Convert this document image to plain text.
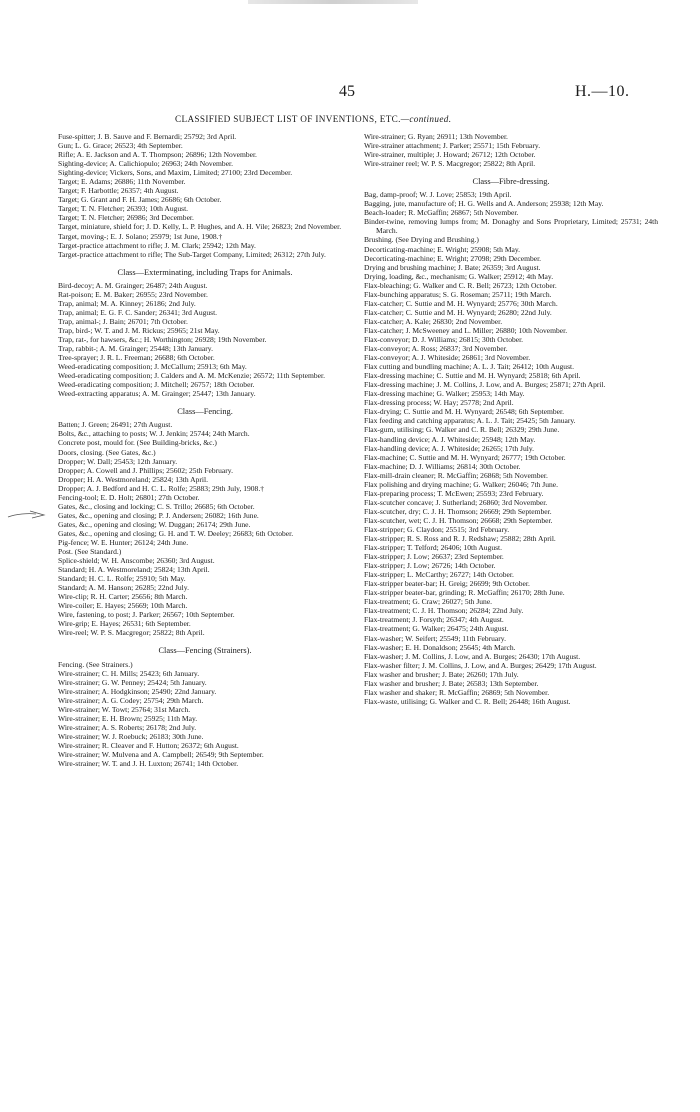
45	H.—10.
CLASSIFIED SUBJECT LIST OF INVENTIONS, ETC.—continued.

Fuse-spitter; J. B. Sauve and F. Bernardi; 25792; 3rd April.

Gun; L. G. Grace; 26523; 4th September.

Rifle; A. E. Jackson and A. T. Thompson; 26896; 12th November.

Sighting-device; A. Calichiopulo; 26963; 24th November.

Sighting-device; Vickers, Sons, and Maxim, Limited; 27100; 23rd December.

Target; E. Adams; 26886; 11th November.

Target; F. Harbottle; 26357; 4th August.

Target; G. Grant and F. H. James; 26686; 6th October.

Target; T. N. Fletcher; 26393; 10th August.

Target; T. N. Fletcher; 26986; 3rd December.

Target, miniature, shield for; J. D. Kelly, L. P. Hughes, and A. H. Vile; 26823; 2nd November.

Target, moving-; E. J. Solano; 25979; 1st June, 1908.†

Target-practice attachment to rifle; J. M. Clark; 25942; 12th May.

Target-practice attachment to rifle; The Sub-Target Company, Limited; 26312; 27th July.

Class—Exterminating, including Traps for Animals.

Bird-decoy; A. M. Grainger; 26487; 24th August.

Rat-poison; E. M. Baker; 26955; 23rd November.

Trap, animal; M. A. Kinney; 26186; 2nd July.

Trap, animal; E. G. F. C. Sander; 26341; 3rd August.

Trap, animal-; J. Bain; 26701; 7th October.

Trap, bird-; W. T. and J. M. Rickus; 25965; 21st May.

Trap, rat-, for hawsers, &c.; H. Worthington; 26928; 19th November.

Trap, rabbit-; A. M. Grainger; 25448; 13th January.

Tree-sprayer; J. R. L. Freeman; 26688; 6th October.

Weed-eradicating composition; J. McCallum; 25913; 6th May.

Weed-eradicating composition; J. Calders and A. M. McKenzie; 26572; 11th September.

Weed-eradicating composition; J. Mitchell; 26757; 18th October.

Weed-extracting apparatus; A. M. Grainger; 25447; 13th January.

Class—Fencing.

Batten; J. Green; 26491; 27th August.

Bolts, &c., attaching to posts; W. J. Jenkin; 25744; 24th March.

Concrete post, mould for. (See Building-bricks, &c.)

Doors, closing. (See Gates, &c.)

Dropper; W. Dall; 25453; 12th January.

Dropper; A. Cowell and J. Phillips; 25602; 25th February.

Dropper; H. A. Westmoreland; 25824; 13th April.

Dropper; A. J. Bedford and H. C. L. Rolfe; 25883; 29th July, 1908.†

Fencing-tool; E. D. Holt; 26801; 27th October.

Gates, &c., closing and locking; C. S. Trillo; 26685; 6th October.

Gates, &c., opening and closing; P. J. Andersen; 26082; 16th June.

Gates, &c., opening and closing; W. Duggan; 26174; 29th June.

Gates, &c., opening and closing; G. H. and T. W. Deeley; 26683; 6th October.

Pig-fence; W. E. Hunter; 26124; 24th June.

Post. (See Standard.)

Splice-shield; W. H. Anscombe; 26360; 3rd August.

Standard; H. A. Westmoreland; 25824; 13th April.

Standard; H. C. L. Rolfe; 25910; 5th May.

Standard; A. M. Hanson; 26285; 22nd July.

Wire-clip; R. H. Carter; 25656; 8th March.

Wire-coiler; E. Hayes; 25669; 10th March.

Wire, fastening, to post; J. Parker; 26567; 10th September.

Wire-grip; E. Hayes; 26531; 6th September.

Wire-reel; W. P. S. Macgregor; 25822; 8th April.

Class—Fencing (Strainers).

Fencing. (See Strainers.)

Wire-strainer; C. H. Mills; 25423; 6th January.

Wire-strainer; G. W. Penney; 25424; 5th January.

Wire-strainer; A. Hodgkinson; 25490; 22nd January.

Wire-strainer; A. G. Codey; 25754; 29th March.

Wire-strainer; W. Towt; 25764; 31st March.

Wire-strainer; E. H. Brown; 25925; 11th May.

Wire-strainer; A. S. Roberts; 26178; 2nd July.

Wire-strainer; W. J. Roebuck; 26183; 30th June.

Wire-strainer; R. Cleaver and F. Hutton; 26372; 6th August.

Wire-strainer; W. Mulvena and A. Campbell; 26549; 9th September.

Wire-strainer; W. T. and J. H. Luxton; 26741; 14th October.

Wire-strainer; G. Ryan; 26911; 13th November.

Wire-strainer attachment; J. Parker; 25571; 15th February.

Wire-strainer, multiple; J. Howard; 26712; 12th October.

Wire-strainer reel; W. P. S. Macgregor; 25822; 8th April.

Class—Fibre-dressing.

Bag, damp-proof; W. J. Love; 25853; 19th April.

Bagging, jute, manufacture of; H. G. Wells and A. Anderson; 25938; 12th May.

Beach-loader; R. McGaffin; 26867; 5th November.

Binder-twine, removing lumps from; M. Donaghy and Sons Proprietary, Limited; 25731; 24th March.

Brushing. (See Drying and Brushing.)

Decorticating-machine; E. Wright; 25908; 5th May.

Decorticating-machine; E. Wright; 27098; 29th December.

Drying and brushing machine; J. Bate; 26359; 3rd August.

Drying, loading, &c., mechanism; G. Walker; 25912; 4th May.

Flax-bleaching; G. Walker and C. R. Bell; 26723; 12th October.

Flax-bunching apparatus; S. G. Roseman; 25711; 19th March.

Flax-catcher; C. Suttie and M. H. Wynyard; 25776; 30th March.

Flax-catcher; C. Suttie and M. H. Wynyard; 26280; 22nd July.

Flax-catcher; A. Kale; 26830; 2nd November.

Flax-catcher; J. McSweeney and L. Miller; 26880; 10th November.

Flax-conveyor; D. J. Williams; 26815; 30th October.

Flax-conveyor; A. Ross; 26837; 3rd November.

Flax-conveyor; A. J. Whiteside; 26861; 3rd November.

Flax cutting and bundling machine; A. L. J. Tait; 26412; 10th August.

Flax-dressing machine; C. Suttie and M. H. Wynyard; 25818; 6th April.

Flax-dressing machine; J. M. Collins, J. Low, and A. Burges; 25871; 27th April.

Flax-dressing machine; G. Walker; 25953; 14th May.

Flax-dressing process; W. Hay; 25778; 2nd April.

Flax-drying; C. Suttie and M. H. Wynyard; 26548; 6th September.

Flax feeding and catching apparatus; A. L. J. Tait; 25425; 5th January.

Flax-gum, utilising; G. Walker and C. R. Bell; 26329; 29th June.

Flax-handling device; A. J. Whiteside; 25948; 12th May.

Flax-handling device; A. J. Whiteside; 26265; 17th July.

Flax-machine; C. Suttie and M. H. Wynyard; 26777; 19th October.

Flax-machine; D. J. Williams; 26814; 30th October.

Flax-mill-drain cleaner; R. McGaffin; 26868; 5th November.

Flax polishing and drying machine; G. Walker; 26046; 7th June.

Flax-preparing process; T. McEwen; 25593; 23rd February.

Flax-scutcher concave; J. Sutherland; 26860; 3rd November.

Flax-scutcher, dry; C. J. H. Thomson; 26669; 29th September.

Flax-scutcher, wet; C. J. H. Thomson; 26668; 29th September.

Flax-stripper; G. Claydon; 25515; 3rd February.

Flax-stripper; R. S. Ross and R. J. Redshaw; 25882; 28th April.

Flax-stripper; T. Telford; 26406; 10th August.

Flax-stripper; J. Low; 26637; 23rd September.

Flax-stripper; J. Low; 26726; 14th October.

Flax-stripper; L. McCarthy; 26727; 14th October.

Flax-stripper beater-bar; H. Greig; 26699; 9th October.

Flax-stripper beater-bar, grinding; R. McGaffin; 26170; 28th June.

Flax-treatment; G. Craw; 26027; 5th June.

Flax-treatment; C. J. H. Thomson; 26284; 22nd July.

Flax-treatment; J. Forsyth; 26347; 4th August.

Flax-treatment; G. Walker; 26475; 24th August.

Flax-washer; W. Seifert; 25549; 11th February.

Flax-washer; E. H. Donaldson; 25645; 4th March.

Flax-washer; J. M. Collins, J. Low, and A. Burges; 26430; 17th August.

Flax-washer filter; J. M. Collins, J. Low, and A. Burges; 26429; 17th August.

Flax washer and brusher; J. Bate; 26260; 17th July.

Flax washer and brusher; J. Bate; 26583; 13th September.

Flax washer and shaker; R. McGaffin; 26869; 5th November.

Flax-waste, utilising; G. Walker and C. R. Bell; 26448; 16th August.
